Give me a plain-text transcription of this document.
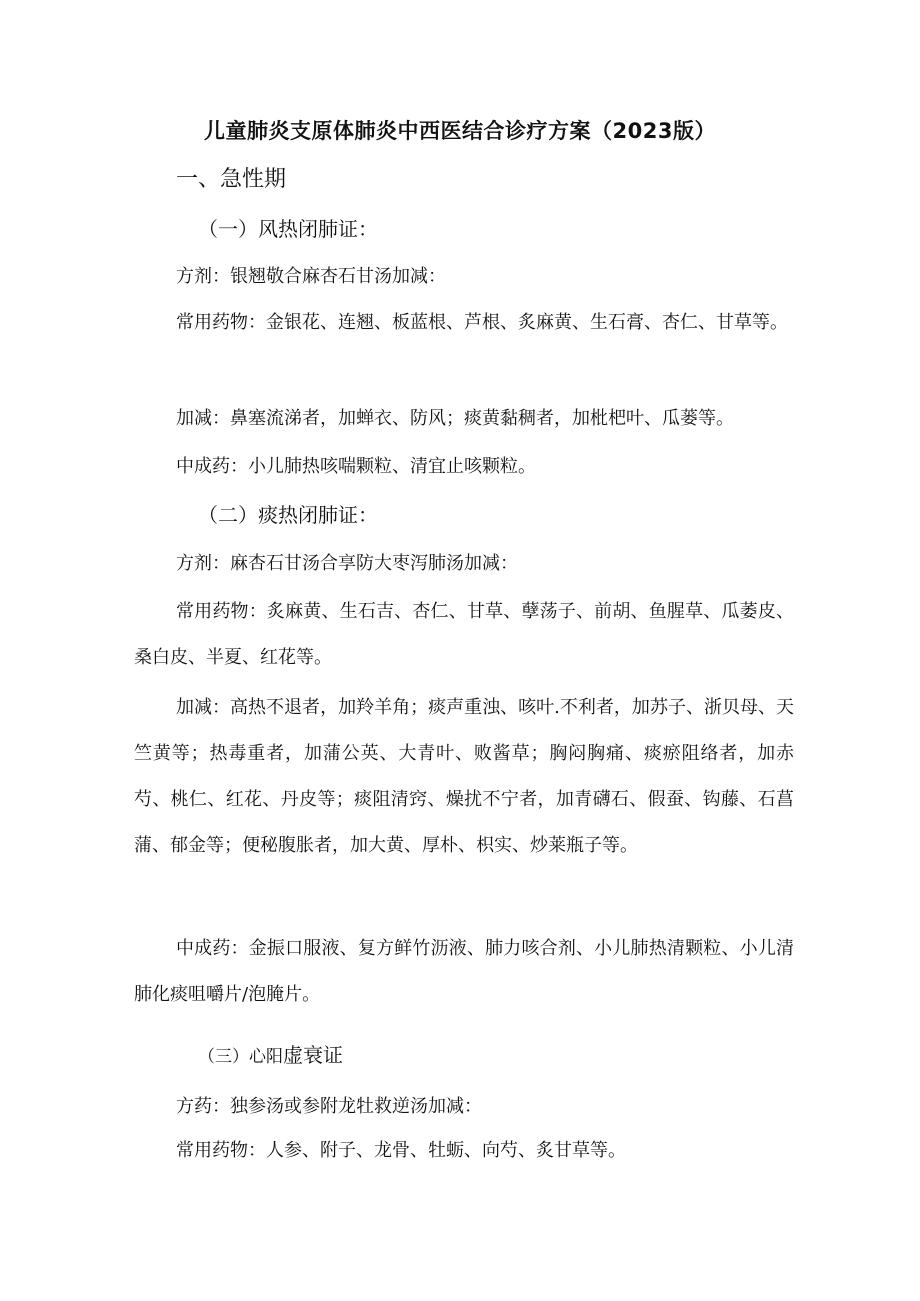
儿童肺炎支原体肺炎中西医结合诊疗方案（2023版）
一、急性期
（一）风热闭肺证：

方剂：银翘敬合麻杏石甘汤加减：

常用药物：金银花、连翘、板蓝根、芦根、炙麻黄、生石膏、杏仁、甘草等。

加减：鼻塞流涕者，加蝉衣、防风；痰黄黏稠者，加枇杷叶、瓜蒌等。

中成药：小儿肺热咳喘颗粒、清宜止咳颗粒。

（二）痰热闭肺证：

方剂：麻杏石甘汤合享防大枣泻肺汤加减：

常用药物：炙麻黄、生石吉、杏仁、甘草、孽荡子、前胡、鱼腥草、瓜萎皮、桑白皮、半夏、红花等。

加减：高热不退者，加羚羊角；痰声重浊、咳叶.不利者，加苏子、浙贝母、天竺黄等；热毒重者，加蒲公英、大青叶、败酱草；胸闷胸痛、痰瘀阻络者，加赤芍、桃仁、红花、丹皮等；痰阻清窍、燥扰不宁者，加青礴石、假蚕、钩藤、石菖蒲、郁金等；便秘腹胀者，加大黄、厚朴、枳实、炒莱瓶子等。

中成药：金振口服液、复方鲜竹沥液、肺力咳合剂、小儿肺热清颗粒、小儿清肺化痰咀嚼片/泡腌片。

（三）心阳虚衰证

方药：独参汤或参附龙牡救逆汤加减：

常用药物：人参、附子、龙骨、牡蛎、向芍、炙甘草等。
